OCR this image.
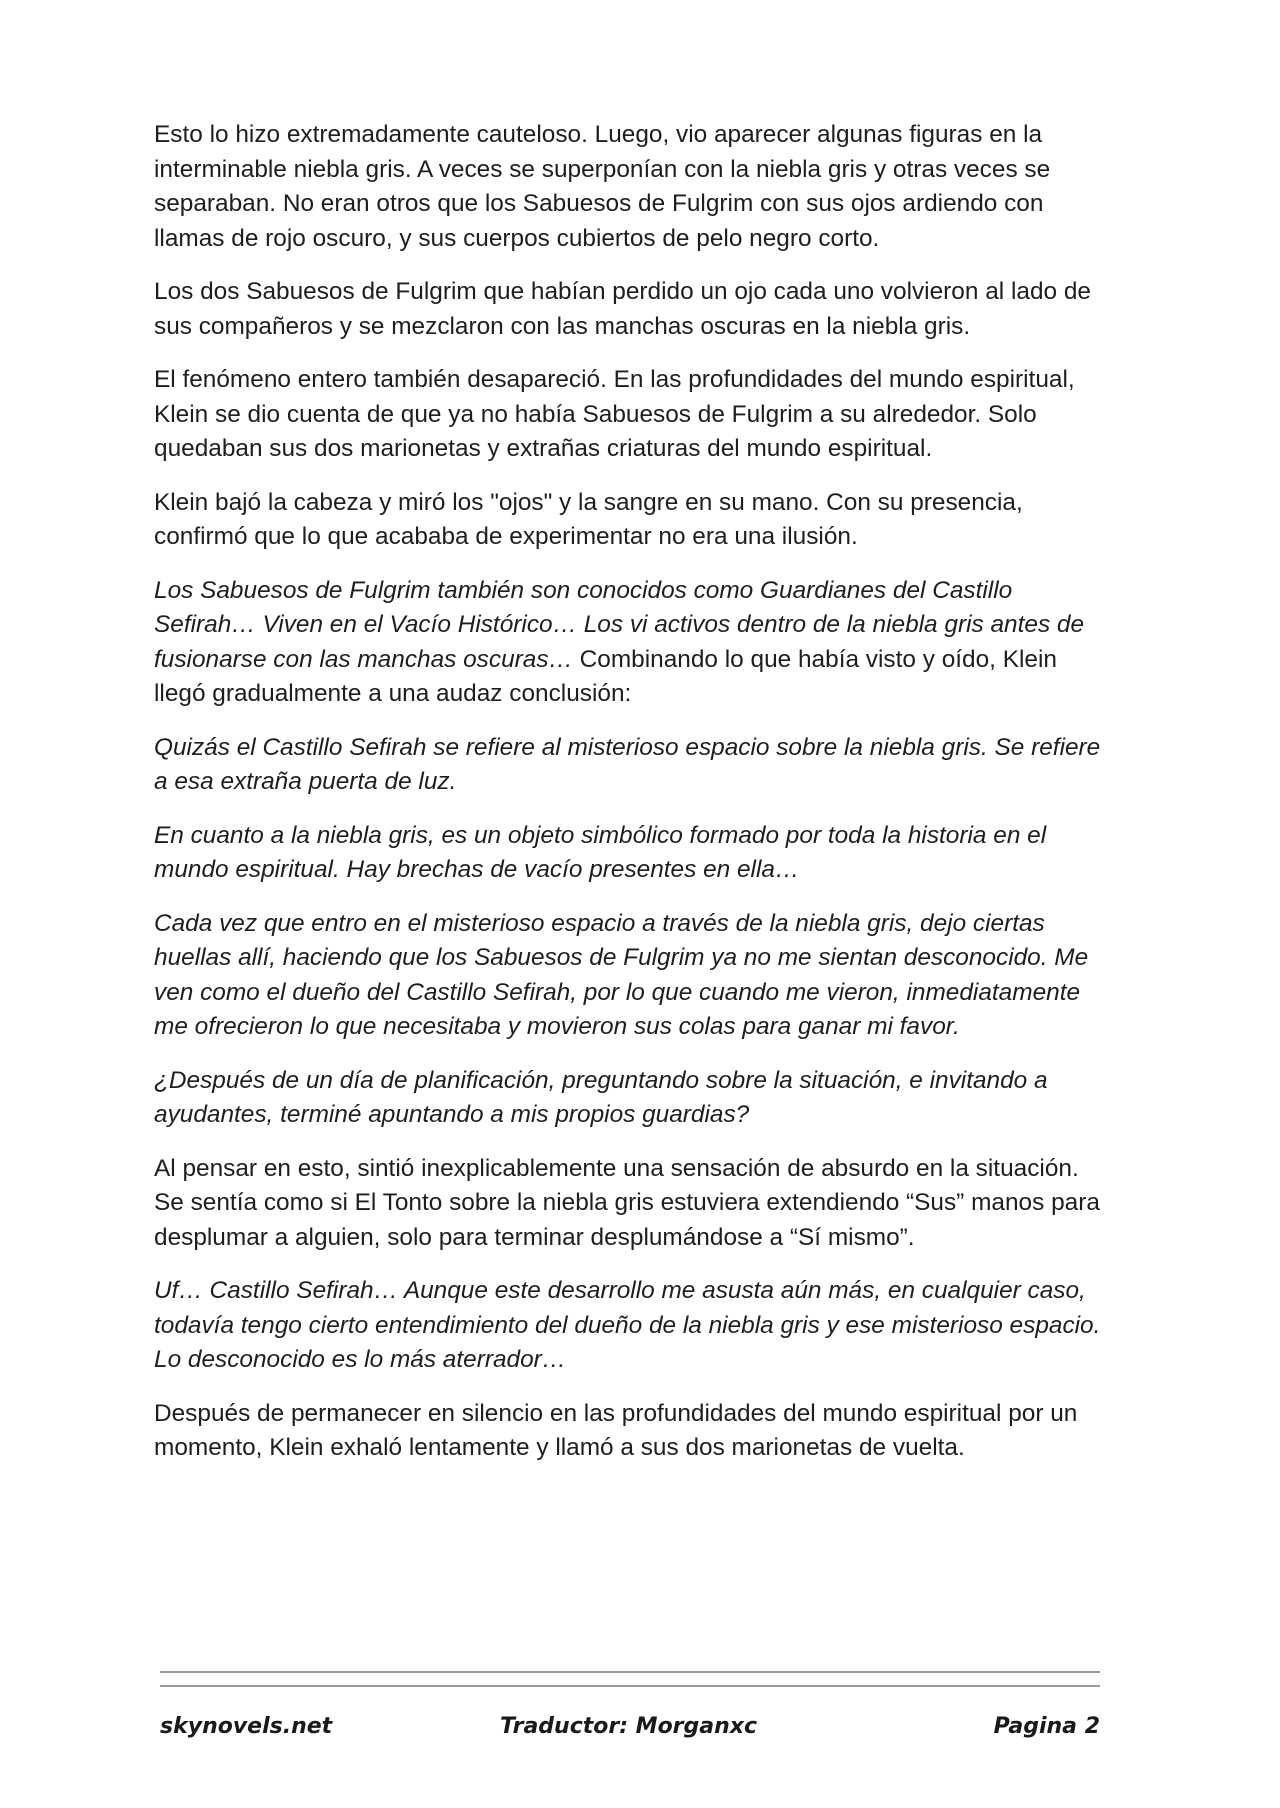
Esto lo hizo extremadamente cauteloso. Luego, vio aparecer algunas figuras en la interminable niebla gris. A veces se superponían con la niebla gris y otras veces se separaban. No eran otros que los Sabuesos de Fulgrim con sus ojos ardiendo con llamas de rojo oscuro, y sus cuerpos cubiertos de pelo negro corto.

Los dos Sabuesos de Fulgrim que habían perdido un ojo cada uno volvieron al lado de sus compañeros y se mezclaron con las manchas oscuras en la niebla gris.

El fenómeno entero también desapareció. En las profundidades del mundo espiritual, Klein se dio cuenta de que ya no había Sabuesos de Fulgrim a su alrededor. Solo quedaban sus dos marionetas y extrañas criaturas del mundo espiritual.

Klein bajó la cabeza y miró los "ojos" y la sangre en su mano. Con su presencia, confirmó que lo que acababa de experimentar no era una ilusión.

Los Sabuesos de Fulgrim también son conocidos como Guardianes del Castillo Sefirah… Viven en el Vacío Histórico… Los vi activos dentro de la niebla gris antes de fusionarse con las manchas oscuras… Combinando lo que había visto y oído, Klein llegó gradualmente a una audaz conclusión:

Quizás el Castillo Sefirah se refiere al misterioso espacio sobre la niebla gris. Se refiere a esa extraña puerta de luz.

En cuanto a la niebla gris, es un objeto simbólico formado por toda la historia en el mundo espiritual. Hay brechas de vacío presentes en ella…

Cada vez que entro en el misterioso espacio a través de la niebla gris, dejo ciertas huellas allí, haciendo que los Sabuesos de Fulgrim ya no me sientan desconocido. Me ven como el dueño del Castillo Sefirah, por lo que cuando me vieron, inmediatamente me ofrecieron lo que necesitaba y movieron sus colas para ganar mi favor.

¿Después de un día de planificación, preguntando sobre la situación, e invitando a ayudantes, terminé apuntando a mis propios guardias?

Al pensar en esto, sintió inexplicablemente una sensación de absurdo en la situación. Se sentía como si El Tonto sobre la niebla gris estuviera extendiendo “Sus” manos para desplumar a alguien, solo para terminar desplumándose a “Sí mismo”.

Uf… Castillo Sefirah… Aunque este desarrollo me asusta aún más, en cualquier caso, todavía tengo cierto entendimiento del dueño de la niebla gris y ese misterioso espacio. Lo desconocido es lo más aterrador…

Después de permanecer en silencio en las profundidades del mundo espiritual por un momento, Klein exhaló lentamente y llamó a sus dos marionetas de vuelta.

skynovels.net	Traductor: Morganxc	Pagina 2
